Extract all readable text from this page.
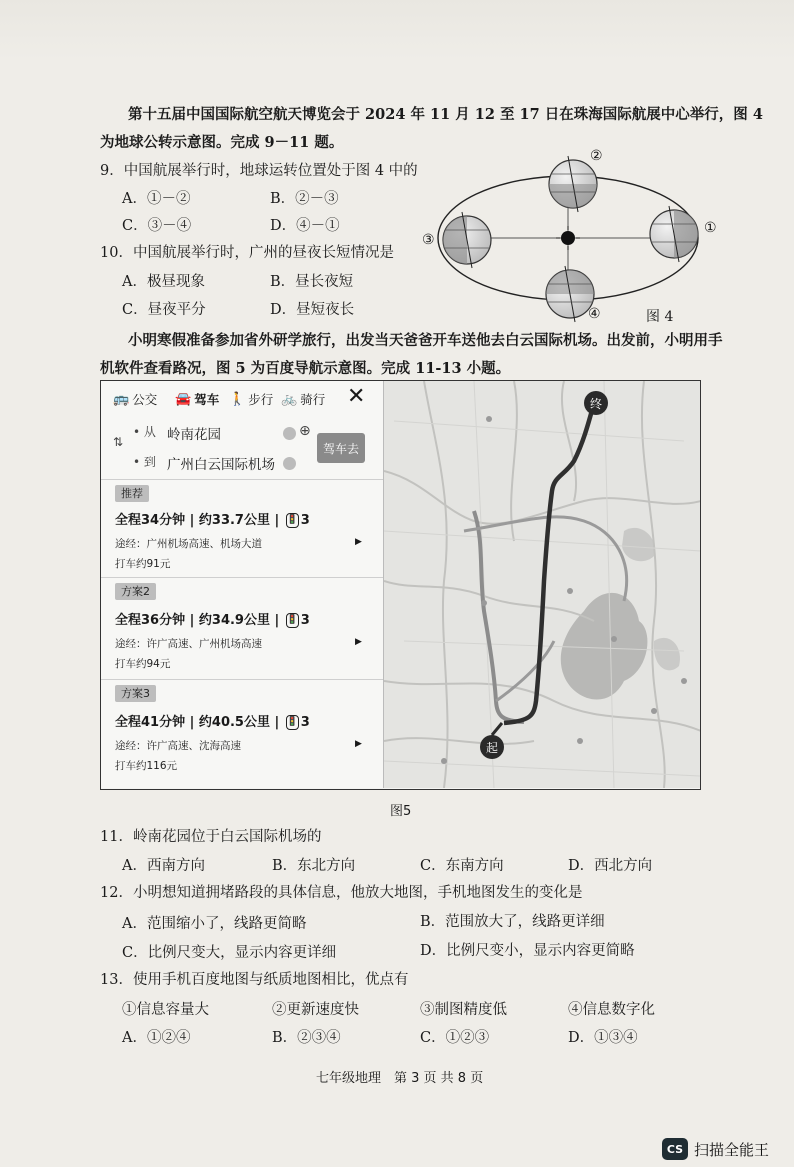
第十五届中国国际航空航天博览会于 2024 年 11 月 12 至 17 日在珠海国际航展中心举行，图 4
为地球公转示意图。完成 9－11 题。
9．中国航展举行时，地球运转位置处于图 4 中的
A．①－②	B．②－③
C．③－④	D．④－①
10．中国航展举行时，广州的昼夜长短情况是
A．极昼现象	B．昼长夜短
C．昼夜平分	D．昼短夜长
①
②
③
④	图 4
小明寒假准备参加省外研学旅行，出发当天爸爸开车送他去白云国际机场。出发前，小明用手
机软件查看路况，图 5 为百度导航示意图。完成 11-13 小题。
🚌 公交 🚘 驾车 🚶 步行 🚲 骑行 ✕
⇅
• 从 岭南花园	⊕
• 到 广州白云国际机场
驾车去
推荐
全程34分钟 | 约33.7公里 | 🚦 3
途经：广州机场高速、机场大道	▶
打车约91元
方案2
全程36分钟 | 约34.9公里 | 🚦 3
途经：许广高速、广州机场高速	▶
打车约94元
方案3
全程41分钟 | 约40.5公里 | 🚦 3
途经：许广高速、沈海高速	▶
打车约116元
终
起
图5
11．岭南花园位于白云国际机场的
A．西南方向	B．东北方向	C．东南方向	D．西北方向
12．小明想知道拥堵路段的具体信息，他放大地图，手机地图发生的变化是
A．范围缩小了，线路更简略	B．范围放大了，线路更详细
C．比例尺变大，显示内容更详细	D．比例尺变小，显示内容更简略
13．使用手机百度地图与纸质地图相比，优点有
①信息容量大	②更新速度快	③制图精度低	④信息数字化
A．①②④	B．②③④	C．①②③	D．①③④
七年级地理　第 3 页 共 8 页
CS 扫描全能王
